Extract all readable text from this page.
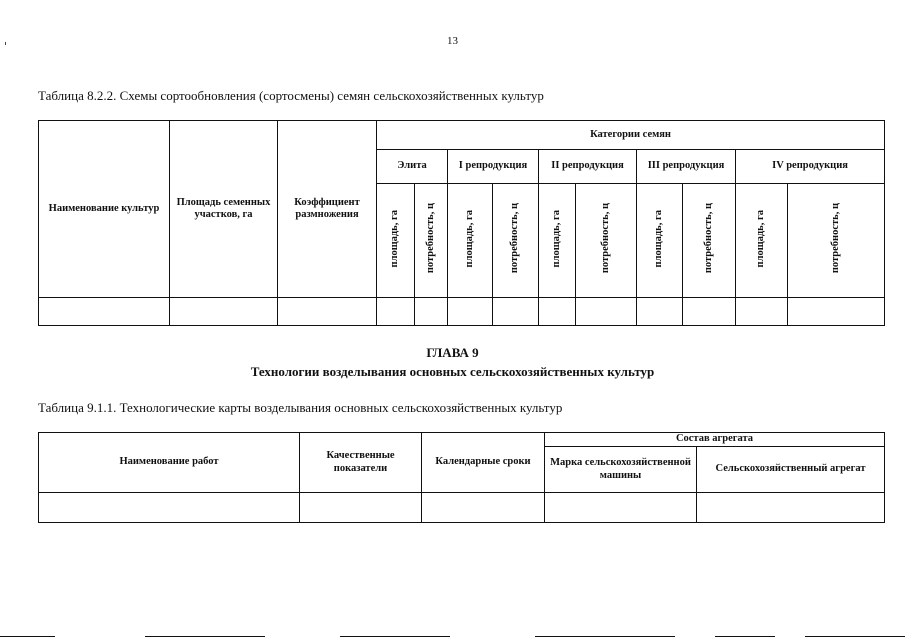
13
Таблица 8.2.2. Схемы сортообновления (сортосмены) семян сельскохозяйственных культур
Наименование культур	Площадь семенных участков, га	Коэффициент размножения	Категории семян									
			Элита		I репродукция		II репродукция		III репродукция		IV репродукция	
			площадь, га	потребность, ц	площадь, га	потребность, ц	площадь, га	потребность, ц	площадь, га	потребность, ц	площадь, га	потребность, ц

ГЛАВА 9
Технологии возделывания основных сельскохозяйственных культур
Таблица 9.1.1. Технологические карты возделывания основных сельскохозяйственных культур
Наименование работ	Качественные показатели	Календарные сроки	Состав агрегата	
			Марка сельскохозяйственной машины	Сельскохозяйственный агрегат
